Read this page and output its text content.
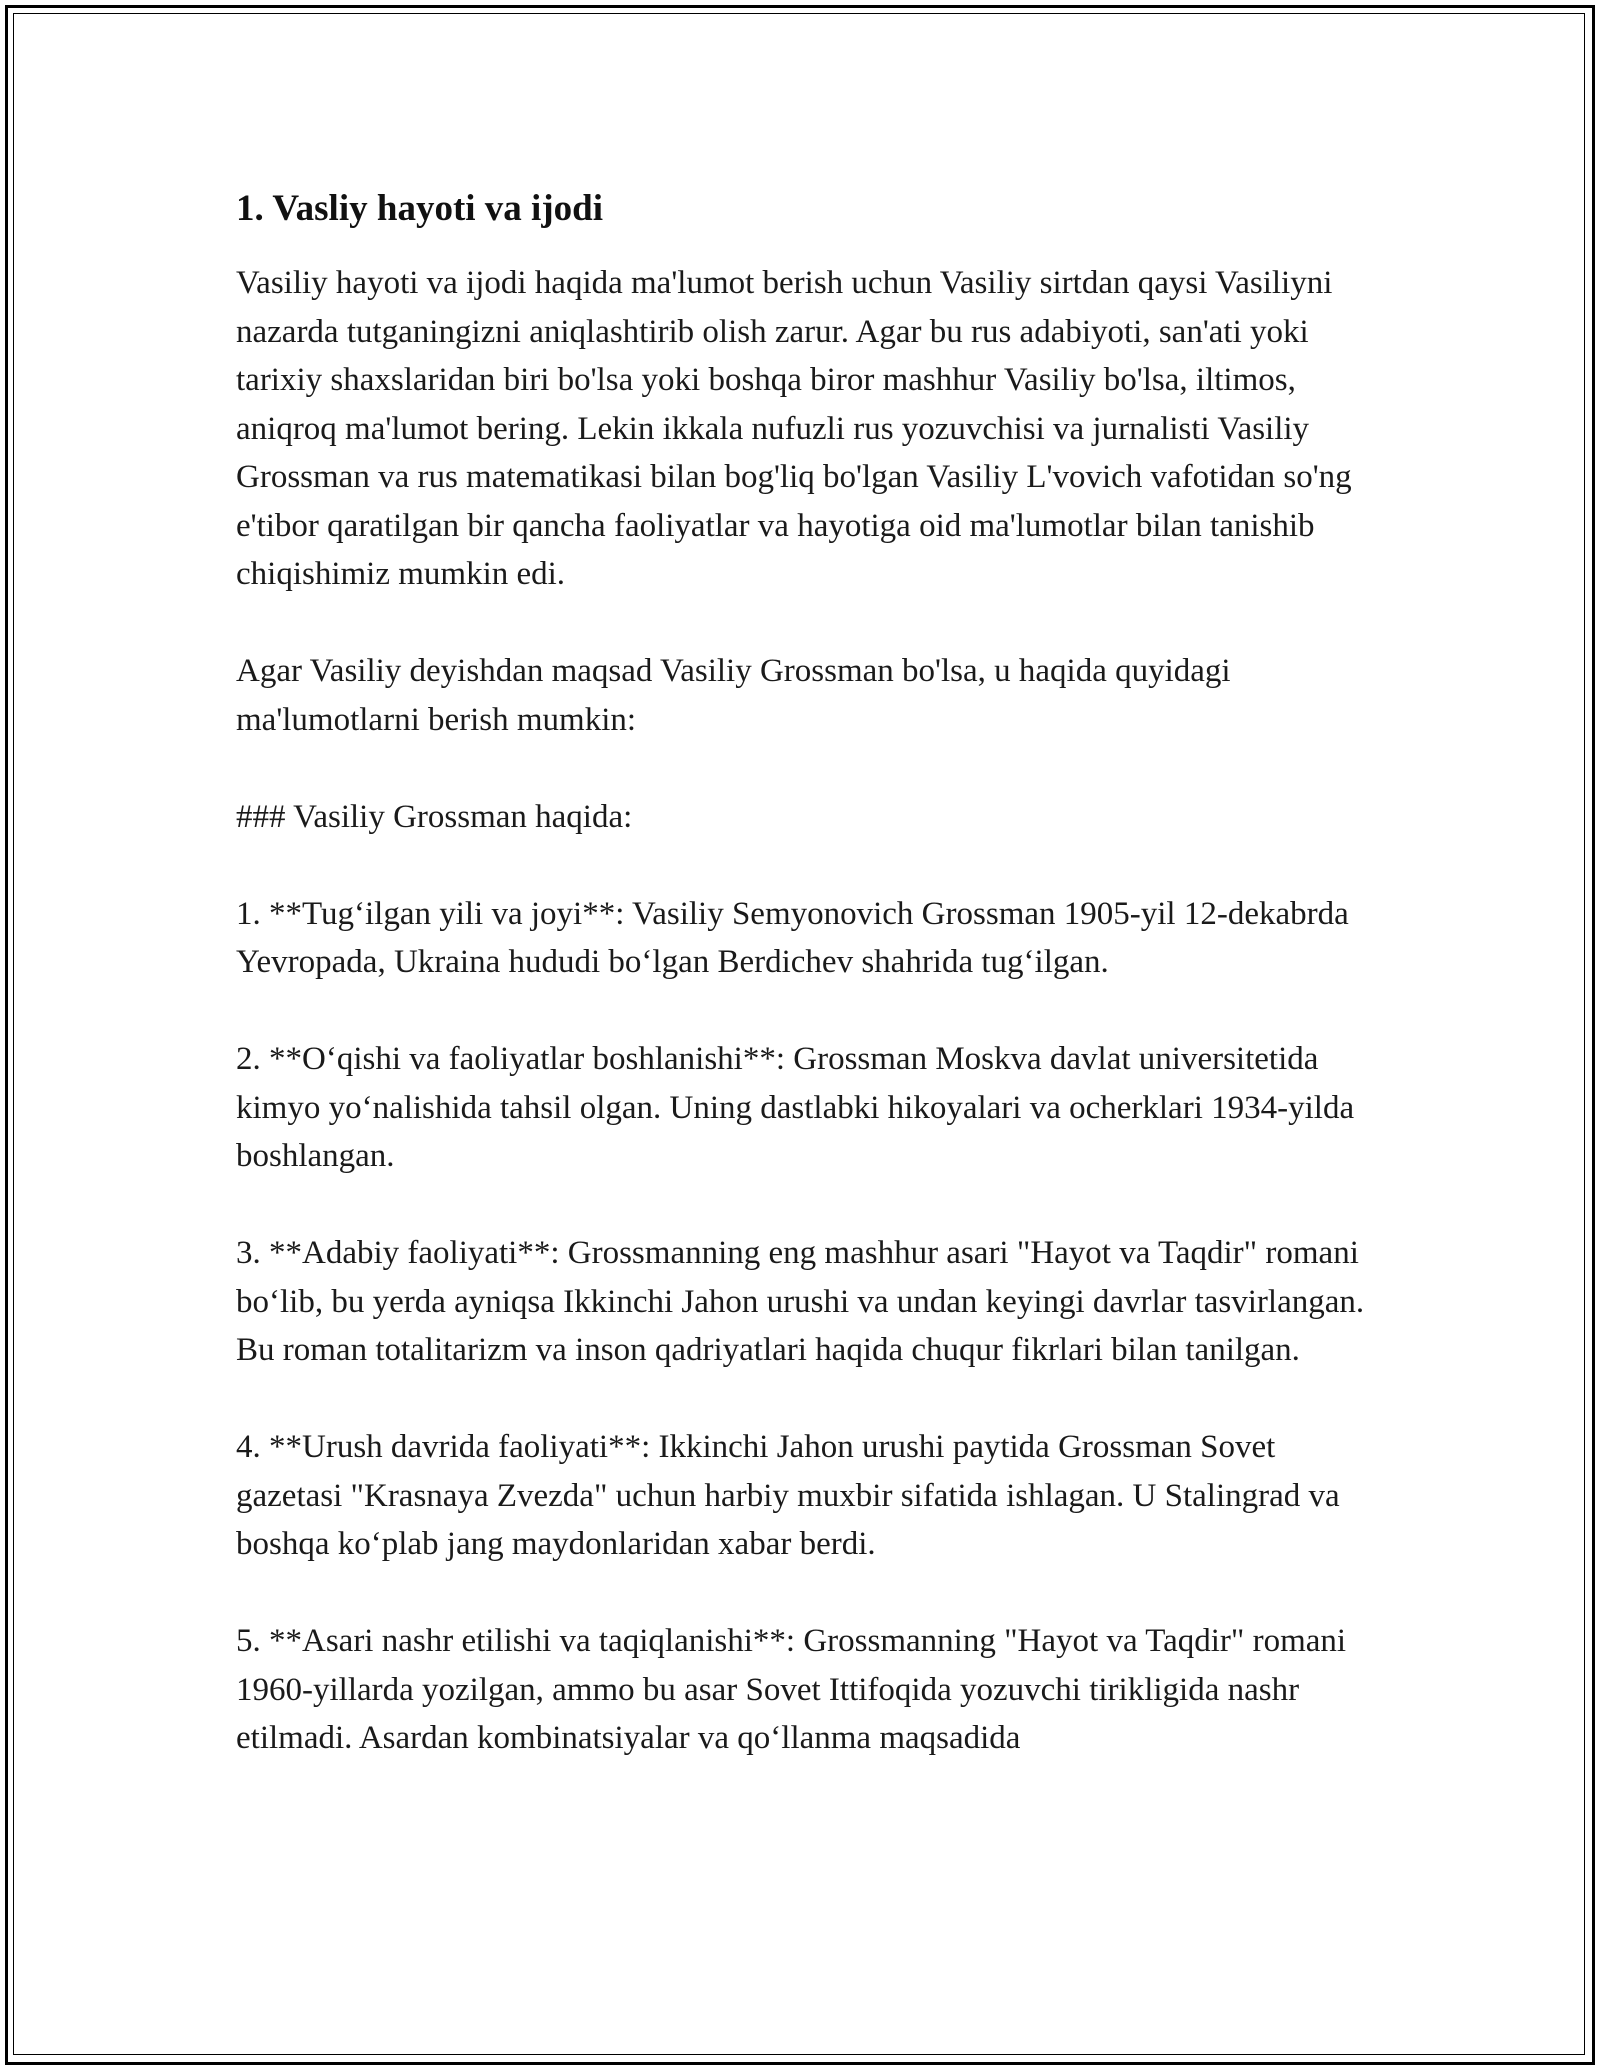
1. Vasliy hayoti va ijodi

Vasiliy hayoti va ijodi haqida ma'lumot berish uchun Vasiliy sirtdan qaysi Vasiliyni nazarda tutganingizni aniqlashtirib olish zarur. Agar bu rus adabiyoti, san'ati yoki tarixiy shaxslaridan biri bo'lsa yoki boshqa biror mashhur Vasiliy bo'lsa, iltimos, aniqroq ma'lumot bering. Lekin ikkala nufuzli rus yozuvchisi va jurnalisti Vasiliy Grossman va rus matematikasi bilan bog'liq bo'lgan Vasiliy L'vovich vafotidan so'ng e'tibor qaratilgan bir qancha faoliyatlar va hayotiga oid ma'lumotlar bilan tanishib chiqishimiz mumkin edi.

Agar Vasiliy deyishdan maqsad Vasiliy Grossman bo'lsa, u haqida quyidagi ma'lumotlarni berish mumkin:

### Vasiliy Grossman haqida:

1. **Tug‘ilgan yili va joyi**: Vasiliy Semyonovich Grossman 1905-yil 12-dekabrda Yevropada, Ukraina hududi bo‘lgan Berdichev shahrida tug‘ilgan.

2. **O‘qishi va faoliyatlar boshlanishi**: Grossman Moskva davlat universitetida kimyo yo‘nalishida tahsil olgan. Uning dastlabki hikoyalari va ocherklari 1934-yilda boshlangan.

3. **Adabiy faoliyati**: Grossmanning eng mashhur asari "Hayot va Taqdir" romani bo‘lib, bu yerda ayniqsa Ikkinchi Jahon urushi va undan keyingi davrlar tasvirlangan. Bu roman totalitarizm va inson qadriyatlari haqida chuqur fikrlari bilan tanilgan.

4. **Urush davrida faoliyati**: Ikkinchi Jahon urushi paytida Grossman Sovet gazetasi "Krasnaya Zvezda" uchun harbiy muxbir sifatida ishlagan. U Stalingrad va boshqa ko‘plab jang maydonlaridan xabar berdi.

5. **Asari nashr etilishi va taqiqlanishi**: Grossmanning "Hayot va Taqdir" romani 1960-yillarda yozilgan, ammo bu asar Sovet Ittifoqida yozuvchi tirikligida nashr etilmadi. Asardan kombinatsiyalar va qo‘llanma maqsadida
